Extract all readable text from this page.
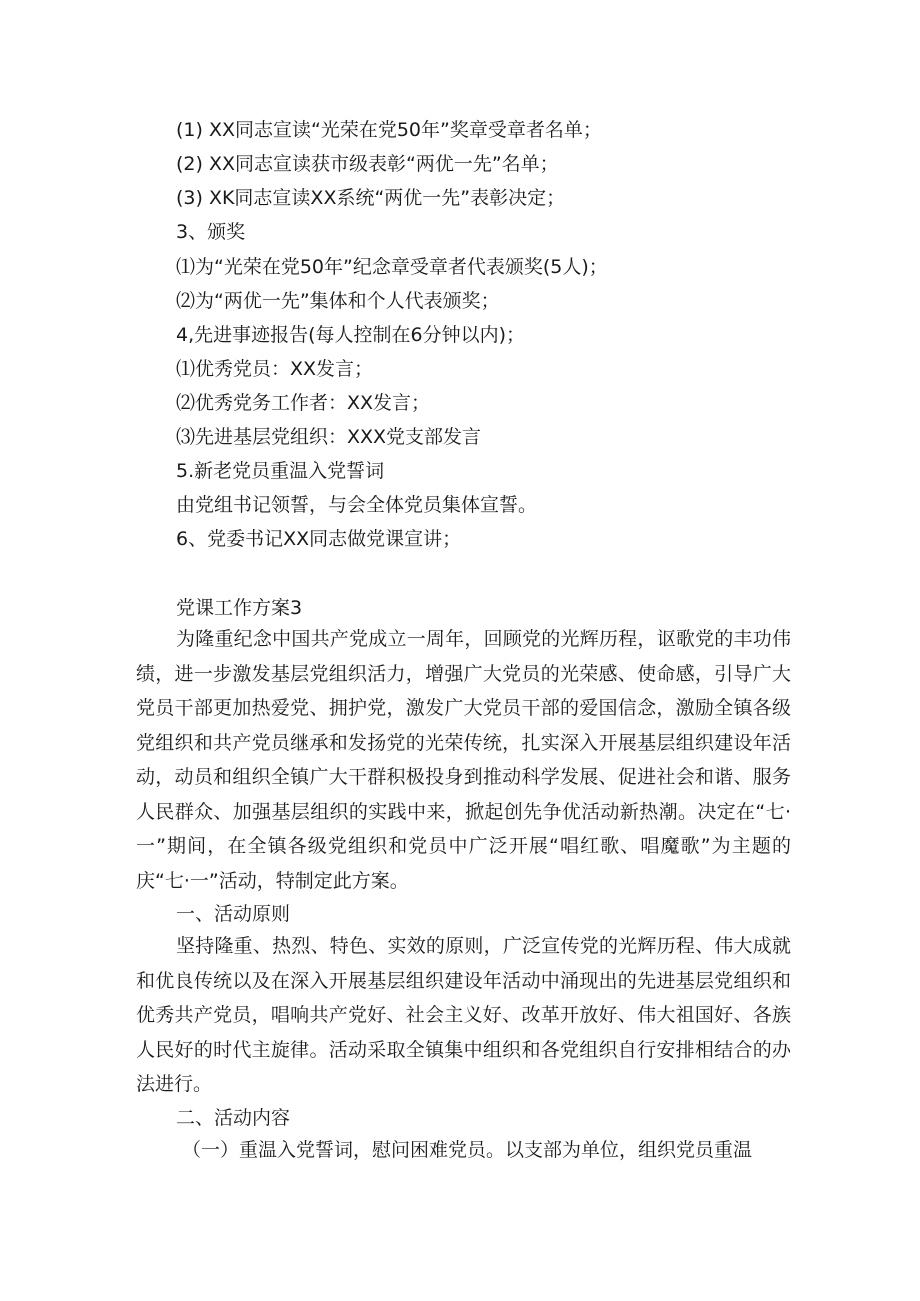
(1) XX同志宣读“光荣在党50年”奖章受章者名单；
(2) XX同志宣读获市级表彰“两优一先”名单；
(3) XK同志宣读XX系统“两优一先”表彰决定；
3、颁奖
⑴为“光荣在党50年”纪念章受章者代表颁奖(5人)；
⑵为“两优一先”集体和个人代表颁奖；
4,先进事迹报告(每人控制在6分钟以内)；
⑴优秀党员：XX发言；
⑵优秀党务工作者：XX发言；
⑶先进基层党组织：XXX党支部发言
5.新老党员重温入党誓词
由党组书记领誓，与会全体党员集体宣誓。
6、党委书记XX同志做党课宣讲；
党课工作方案3

为隆重纪念中国共产党成立一周年，回顾党的光辉历程，讴歌党的丰功伟绩，进一步激发基层党组织活力，增强广大党员的光荣感、使命感，引导广大党员干部更加热爱党、拥护党，激发广大党员干部的爱国信念，激励全镇各级党组织和共产党员继承和发扬党的光荣传统，扎实深入开展基层组织建设年活动，动员和组织全镇广大干群积极投身到推动科学发展、促进社会和谐、服务人民群众、加强基层组织的实践中来，掀起创先争优活动新热潮。决定在“七·一”期间，在全镇各级党组织和党员中广泛开展“唱红歌、唱魔歌”为主题的庆“七·一”活动，特制定此方案。

一、活动原则

坚持隆重、热烈、特色、实效的原则，广泛宣传党的光辉历程、伟大成就和优良传统以及在深入开展基层组织建设年活动中涌现出的先进基层党组织和优秀共产党员，唱响共产党好、社会主义好、改革开放好、伟大祖国好、各族人民好的时代主旋律。活动采取全镇集中组织和各党组织自行安排相结合的办法进行。

二、活动内容

（一）重温入党誓词，慰问困难党员。以支部为单位，组织党员重温
